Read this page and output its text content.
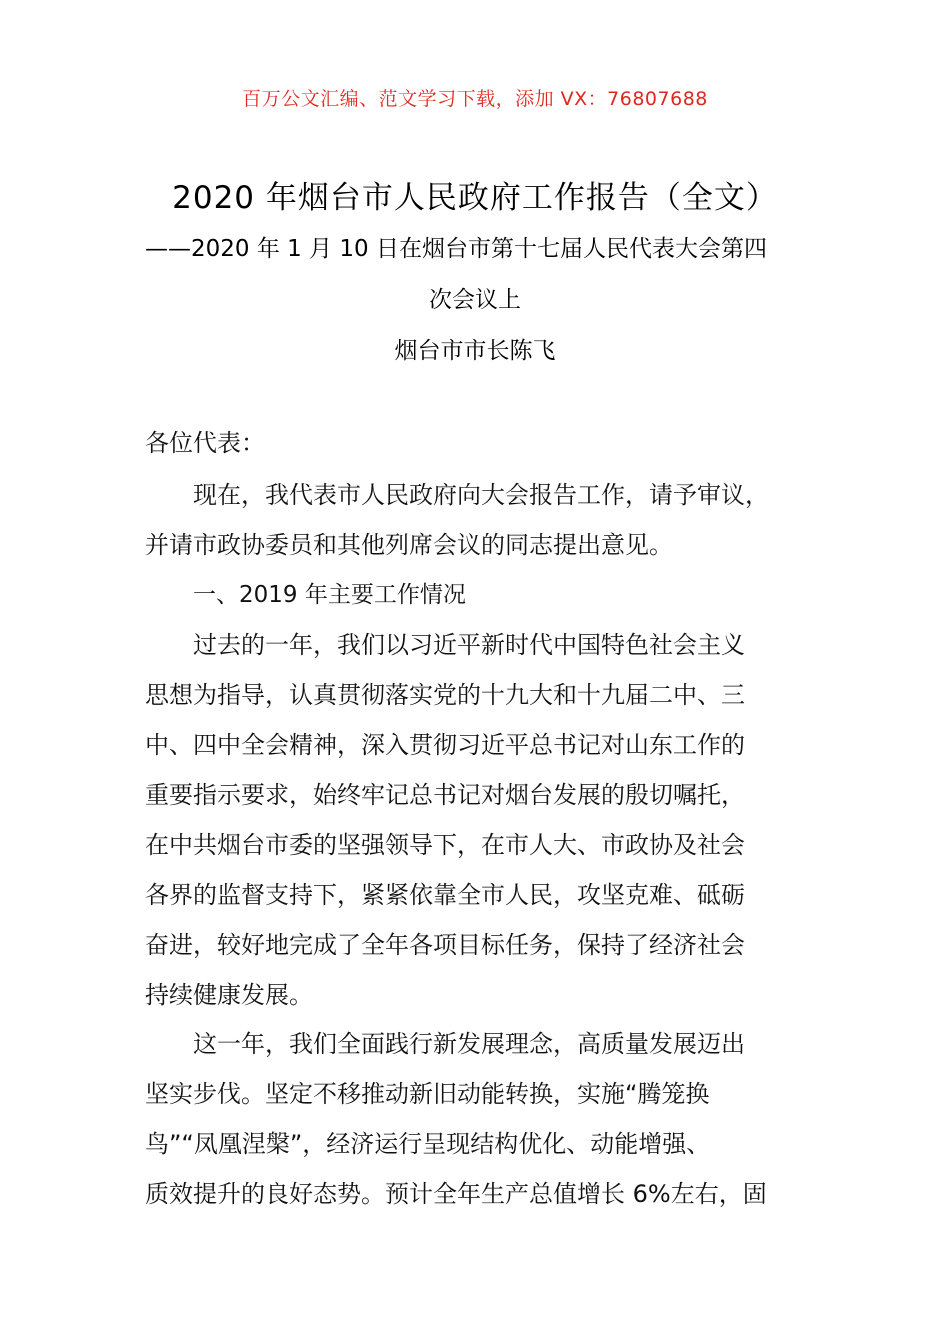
百万公文汇编、范文学习下载，添加 VX：76807688
2020 年烟台市人民政府工作报告（全文）
——2020 年 1 月 10 日在烟台市第十七届人民代表大会第四
次会议上
烟台市市长陈飞
各位代表：
现在，我代表市人民政府向大会报告工作，请予审议，
并请市政协委员和其他列席会议的同志提出意见。
一、2019 年主要工作情况
过去的一年，我们以习近平新时代中国特色社会主义
思想为指导，认真贯彻落实党的十九大和十九届二中、三
中、四中全会精神，深入贯彻习近平总书记对山东工作的
重要指示要求，始终牢记总书记对烟台发展的殷切嘱托，
在中共烟台市委的坚强领导下，在市人大、市政协及社会
各界的监督支持下，紧紧依靠全市人民，攻坚克难、砥砺
奋进，较好地完成了全年各项目标任务，保持了经济社会
持续健康发展。
这一年，我们全面践行新发展理念，高质量发展迈出
坚实步伐。坚定不移推动新旧动能转换，实施“腾笼换
鸟”“凤凰涅槃”，经济运行呈现结构优化、动能增强、
质效提升的良好态势。预计全年生产总值增长 6%左右，固
